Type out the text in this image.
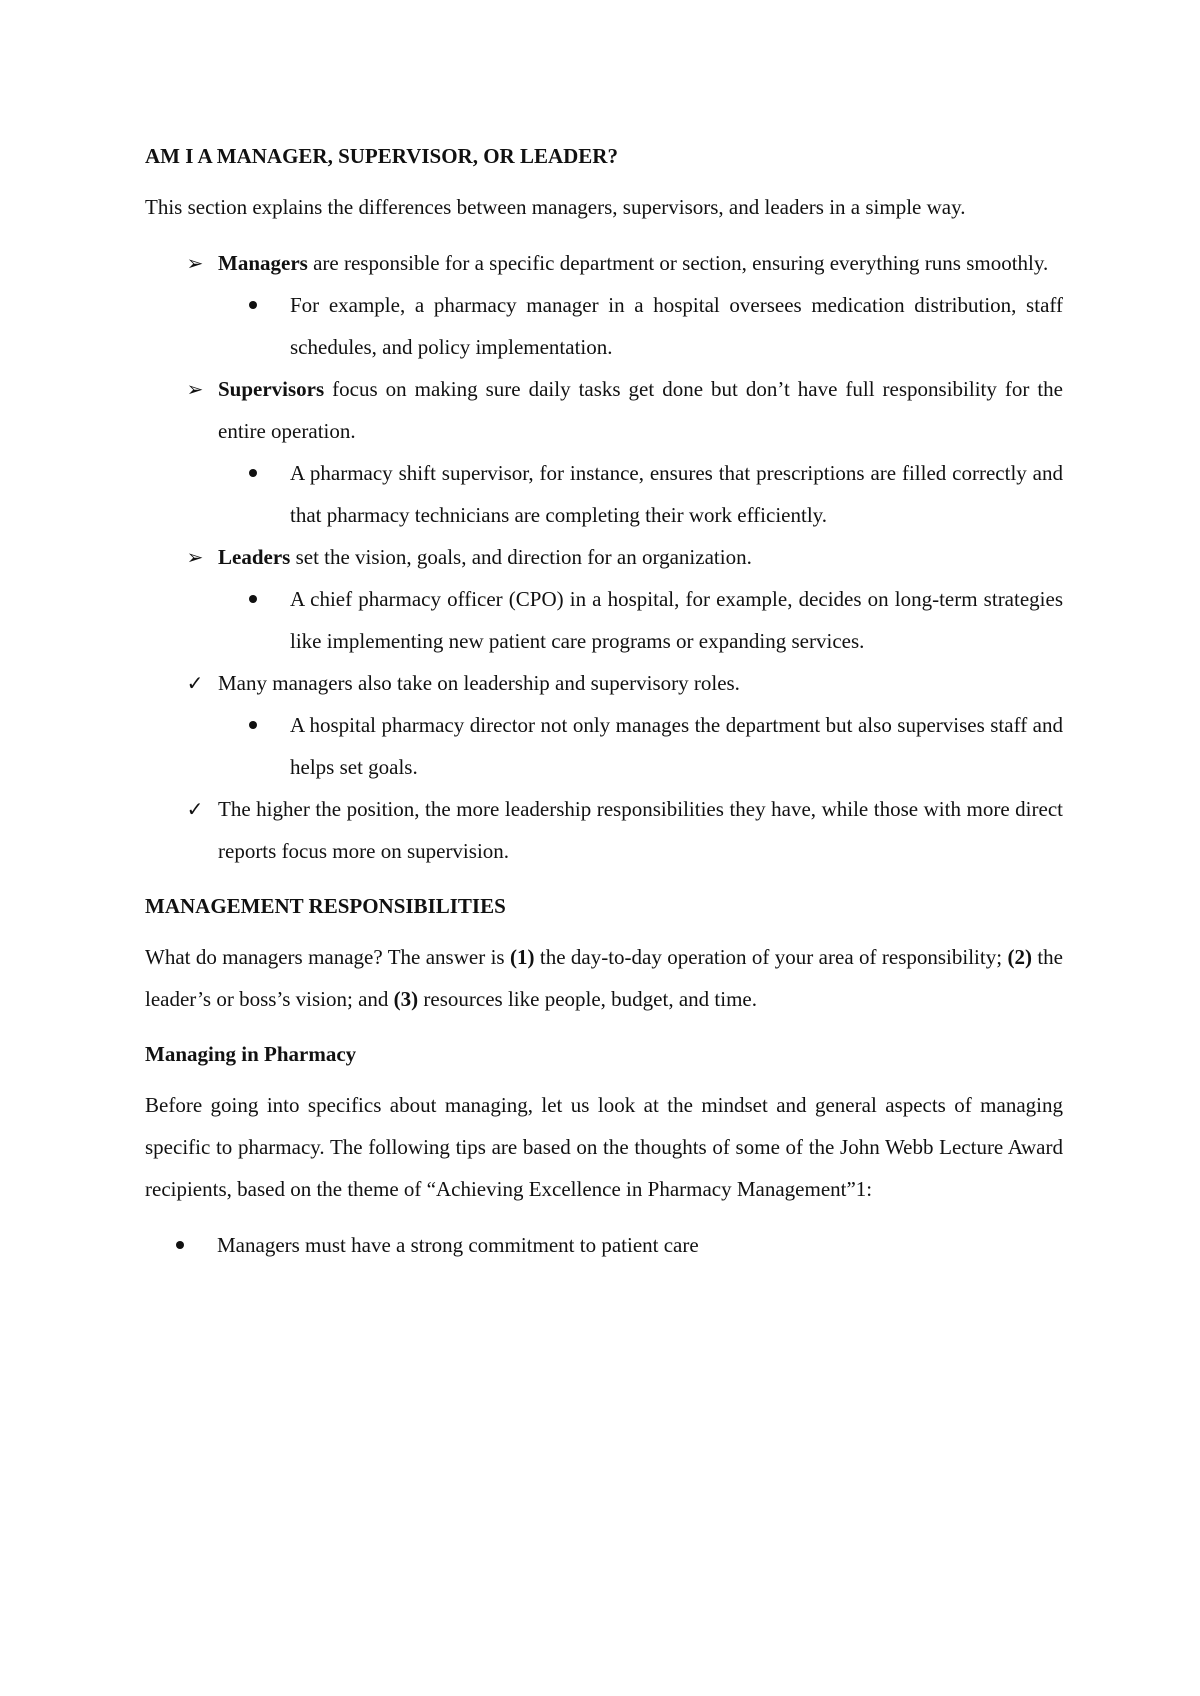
AM I A MANAGER, SUPERVISOR, OR LEADER?

This section explains the differences between managers, supervisors, and leaders in a simple way.

➢ Managers are responsible for a specific department or section, ensuring everything runs smoothly.
For example, a pharmacy manager in a hospital oversees medication distribution, staff schedules, and policy implementation.
➢ Supervisors focus on making sure daily tasks get done but don’t have full responsibility for the entire operation.
A pharmacy shift supervisor, for instance, ensures that prescriptions are filled correctly and that pharmacy technicians are completing their work efficiently.
➢ Leaders set the vision, goals, and direction for an organization.
A chief pharmacy officer (CPO) in a hospital, for example, decides on long-term strategies like implementing new patient care programs or expanding services.
✓ Many managers also take on leadership and supervisory roles.
A hospital pharmacy director not only manages the department but also supervises staff and helps set goals.
✓ The higher the position, the more leadership responsibilities they have, while those with more direct reports focus more on supervision.
MANAGEMENT RESPONSIBILITIES

What do managers manage? The answer is (1) the day-to-day operation of your area of responsibility; (2) the leader’s or boss’s vision; and (3) resources like people, budget, and time.

Managing in Pharmacy

Before going into specifics about managing, let us look at the mindset and general aspects of managing specific to pharmacy. The following tips are based on the thoughts of some of the John Webb Lecture Award recipients, based on the theme of “Achieving Excellence in Pharmacy Management”1:

Managers must have a strong commitment to patient care
